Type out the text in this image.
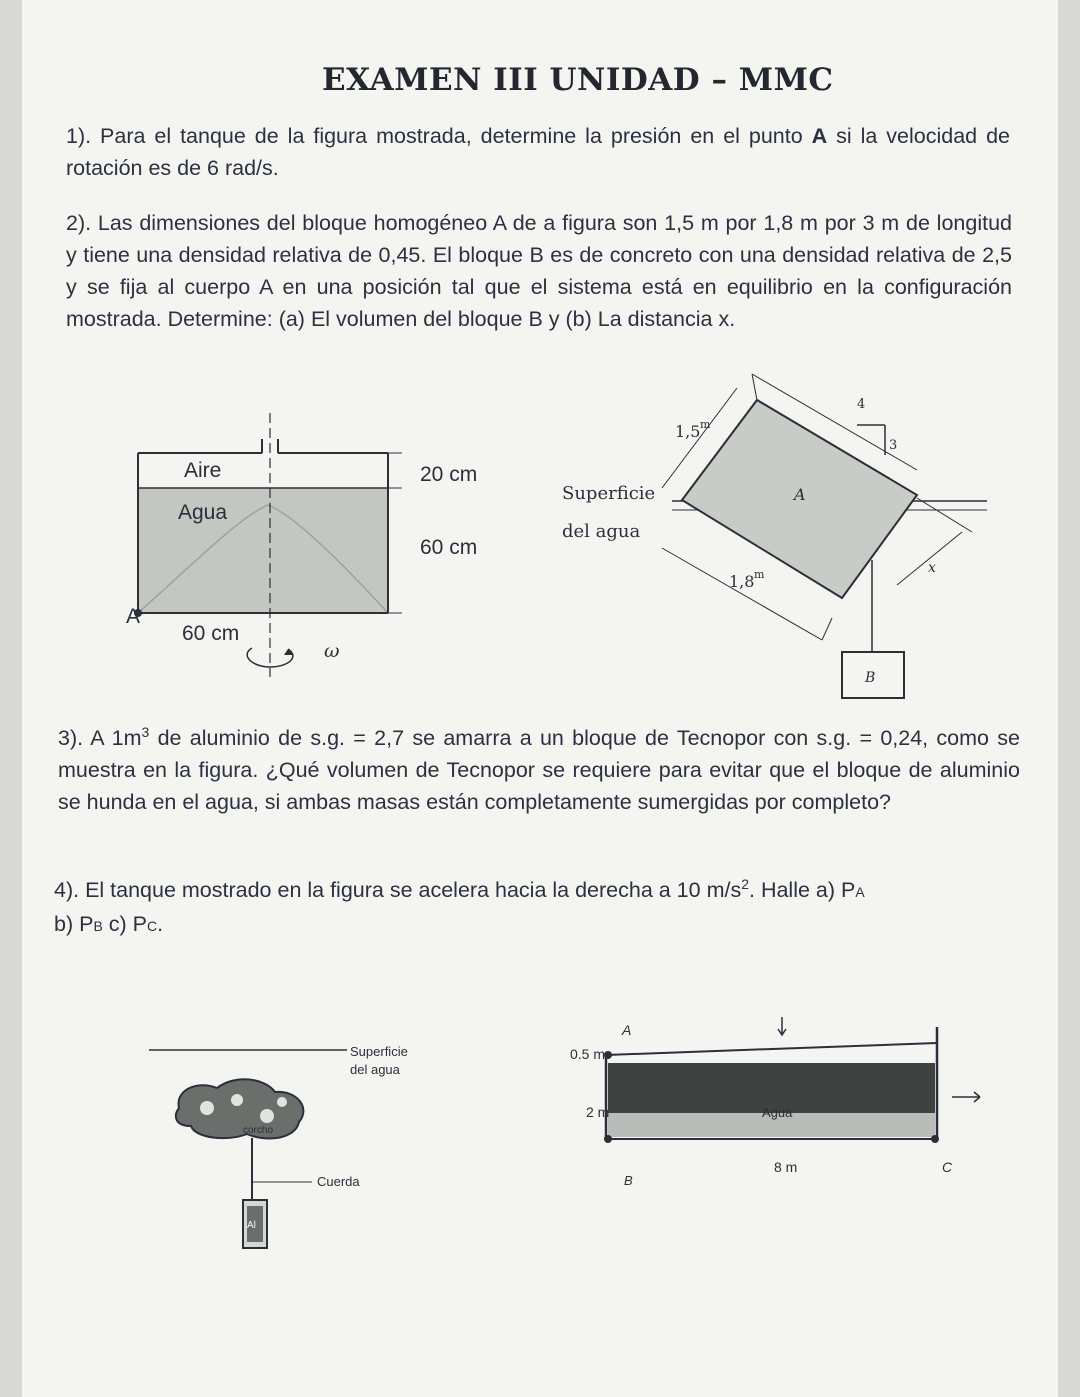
EXAMEN III UNIDAD – MMC
1). Para el tanque de la figura mostrada, determine la presión en el punto A si la velocidad de rotación es de 6 rad/s.
2). Las dimensiones del bloque homogéneo A de a figura son 1,5 m por 1,8 m por 3 m de longitud y tiene una densidad relativa de 0,45. El bloque B es de concreto con una densidad relativa de 2,5 y se fija al cuerpo A en una posición tal que el sistema está en equilibrio en la configuración mostrada. Determine: (a) El volumen del bloque B y (b) La distancia x.
Aire
Agua
20 cm
60 cm
60 cm
A
ω
Superficie
del agua
1,5 m
1,8 m
A
B
4
3
x
3). A $1m^3$ de aluminio de s.g. = 2,7 se amarra a un bloque de Tecnopor con s.g. = 0,24, como se muestra en la figura. ¿Qué volumen de Tecnopor se requiere para evitar que el bloque de aluminio se hunda en el agua, si ambas masas están completamente sumergidas por completo?
4). El tanque mostrado en la figura se acelera hacia la derecha a 10 $m/s^2$. Halle a) PA
b) PB c) PC.
Superficie
del agua
corcho
Cuerda
Al
A
B
C
0.5 m
2 m
8 m
Agua
